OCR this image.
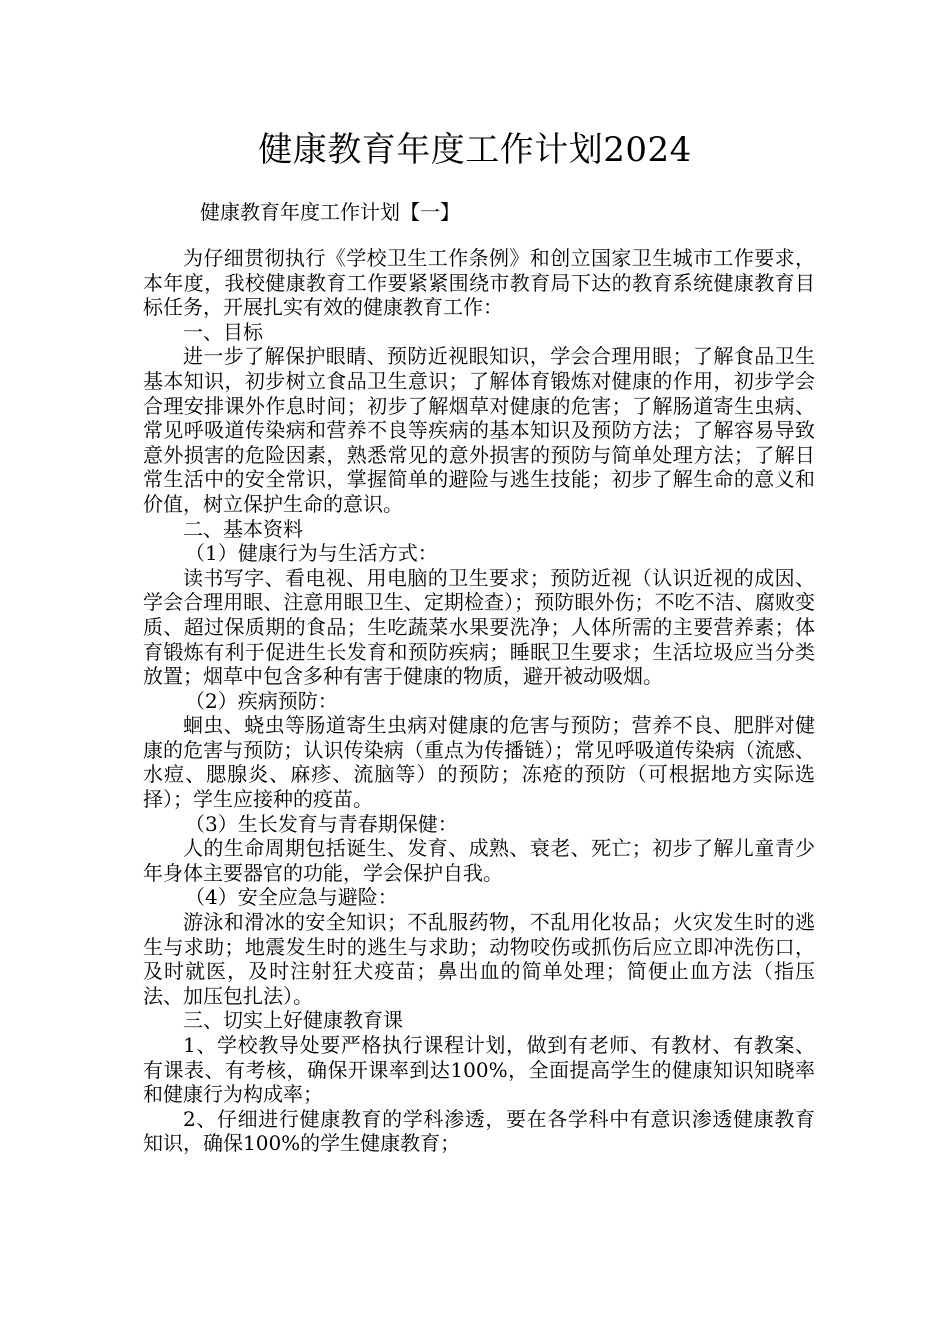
健康教育年度工作计划2024
健康教育年度工作计划【一】

为仔细贯彻执行《学校卫生工作条例》和创立国家卫生城市工作要求，本年度，我校健康教育工作要紧紧围绕市教育局下达的教育系统健康教育目标任务，开展扎实有效的健康教育工作：

一、目标

进一步了解保护眼睛、预防近视眼知识，学会合理用眼；了解食品卫生基本知识，初步树立食品卫生意识；了解体育锻炼对健康的作用，初步学会合理安排课外作息时间；初步了解烟草对健康的危害；了解肠道寄生虫病、常见呼吸道传染病和营养不良等疾病的基本知识及预防方法；了解容易导致意外损害的危险因素，熟悉常见的意外损害的预防与简单处理方法；了解日常生活中的安全常识，掌握简单的避险与逃生技能；初步了解生命的意义和价值，树立保护生命的意识。

二、基本资料

（1）健康行为与生活方式：

读书写字、看电视、用电脑的卫生要求；预防近视（认识近视的成因、学会合理用眼、注意用眼卫生、定期检查）；预防眼外伤；不吃不洁、腐败变质、超过保质期的食品；生吃蔬菜水果要洗净；人体所需的主要营养素；体育锻炼有利于促进生长发育和预防疾病；睡眠卫生要求；生活垃圾应当分类放置；烟草中包含多种有害于健康的物质，避开被动吸烟。

（2）疾病预防：

蛔虫、蛲虫等肠道寄生虫病对健康的危害与预防；营养不良、肥胖对健康的危害与预防；认识传染病（重点为传播链）；常见呼吸道传染病（流感、水痘、腮腺炎、麻疹、流脑等）的预防；冻疮的预防（可根据地方实际选择）；学生应接种的疫苗。

（3）生长发育与青春期保健：

人的生命周期包括诞生、发育、成熟、衰老、死亡；初步了解儿童青少年身体主要器官的功能，学会保护自我。

（4）安全应急与避险：

游泳和滑冰的安全知识；不乱服药物，不乱用化妆品；火灾发生时的逃生与求助；地震发生时的逃生与求助；动物咬伤或抓伤后应立即冲洗伤口，及时就医，及时注射狂犬疫苗；鼻出血的简单处理；简便止血方法（指压法、加压包扎法）。

三、切实上好健康教育课

1、学校教导处要严格执行课程计划，做到有老师、有教材、有教案、有课表、有考核，确保开课率到达100%，全面提高学生的健康知识知晓率和健康行为构成率；

2、仔细进行健康教育的学科渗透，要在各学科中有意识渗透健康教育知识，确保100%的学生健康教育；
